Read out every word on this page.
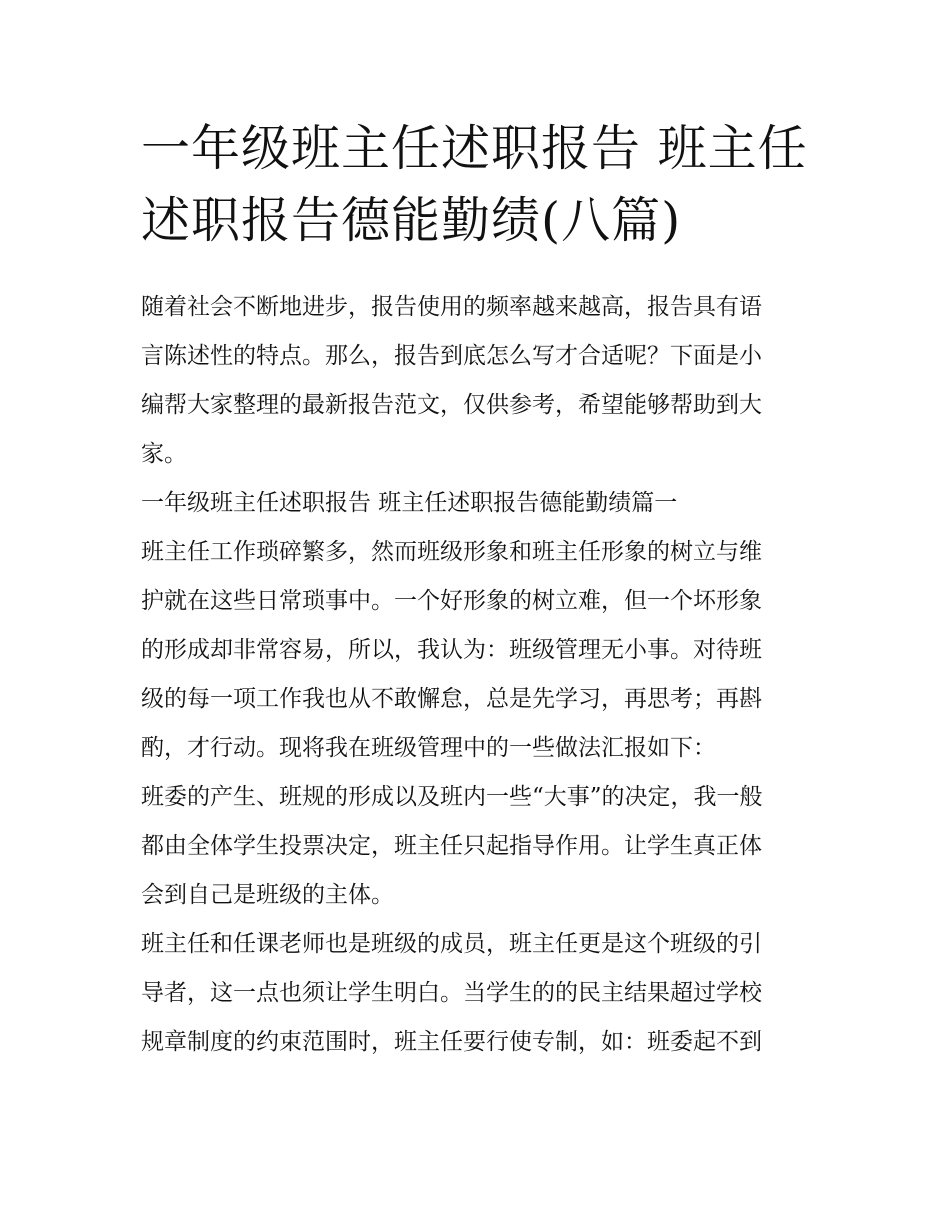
一年级班主任述职报告 班主任
述职报告德能勤绩(八篇)

随着社会不断地进步，报告使用的频率越来越高，报告具有语
言陈述性的特点。那么，报告到底怎么写才合适呢？下面是小
编帮大家整理的最新报告范文，仅供参考，希望能够帮助到大
家。

一年级班主任述职报告 班主任述职报告德能勤绩篇一

班主任工作琐碎繁多，然而班级形象和班主任形象的树立与维
护就在这些日常琐事中。一个好形象的树立难，但一个坏形象
的形成却非常容易，所以，我认为：班级管理无小事。对待班
级的每一项工作我也从不敢懈怠，总是先学习，再思考；再斟
酌，才行动。现将我在班级管理中的一些做法汇报如下：

班委的产生、班规的形成以及班内一些“大事”的决定，我一般
都由全体学生投票决定，班主任只起指导作用。让学生真正体
会到自己是班级的主体。

班主任和任课老师也是班级的成员，班主任更是这个班级的引
导者，这一点也须让学生明白。当学生的的民主结果超过学校
规章制度的约束范围时，班主任要行使专制，如：班委起不到
